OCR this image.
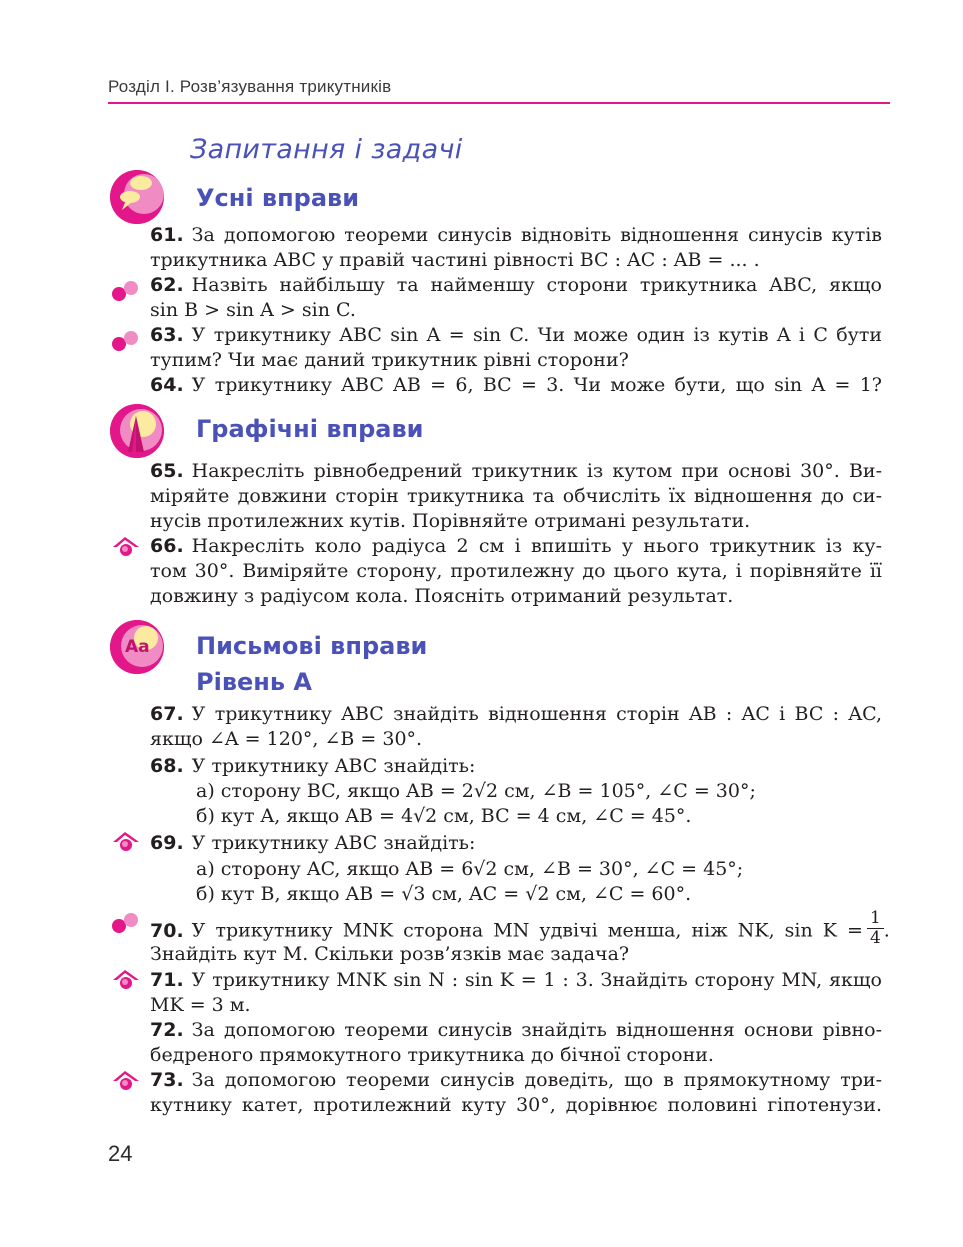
Розділ І. Розв’язування трикутників
Запитання і задачі
Усні вправи
61. За допомогою теореми синусів відновіть відношення синусів кутів
трикутника ABC у правій частині рівності BC : AC : AB = ... .
62. Назвіть найбільшу та найменшу сторони трикутника ABC, якщо
sin B > sin A > sin C.
63. У трикутнику ABC sin A = sin C. Чи може один із кутів A і C бути
тупим? Чи має даний трикутник рівні сторони?
64. У трикутнику ABC AB = 6, BC = 3. Чи може бути, що sin A = 1?
Графічні вправи
65. Накресліть рівнобедрений трикутник із кутом при основі 30°. Ви-
міряйте довжини сторін трикутника та обчисліть їх відношення до си-
нусів протилежних кутів. Порівняйте отримані результати.
66. Накресліть коло радіуса 2 см і впишіть у нього трикутник із ку-
том 30°. Виміряйте сторону, протилежну до цього кута, і порівняйте її
довжину з радіусом кола. Поясніть отриманий результат.
Aa Письмові вправи
Рівень А
67. У трикутнику ABC знайдіть відношення сторін AB : AC і BC : AC,
якщо ∠A = 120°, ∠B = 30°.
68. У трикутнику ABC знайдіть:
а) сторону BC, якщо AB = 2√2 см, ∠B = 105°, ∠C = 30°;
б) кут A, якщо AB = 4√2 см, BC = 4 см, ∠C = 45°.
69. У трикутнику ABC знайдіть:
а) сторону AC, якщо AB = 6√2 см, ∠B = 30°, ∠C = 45°;
б) кут B, якщо AB = √3 см, AC = √2 см, ∠C = 60°.
70. У трикутнику MNK сторона MN удвічі менша, ніж NK, $\sin K = \frac{1}{4}$ .
Знайдіть кут M. Скільки розв’язків має задача?
71. У трикутнику MNK sin N : sin K = 1 : 3. Знайдіть сторону MN, якщо
MK = 3 м.
72. За допомогою теореми синусів знайдіть відношення основи рівно-
бедреного прямокутного трикутника до бічної сторони.
73. За допомогою теореми синусів доведіть, що в прямокутному три-
кутнику катет, протилежний куту 30°, дорівнює половині гіпотенузи.
24
